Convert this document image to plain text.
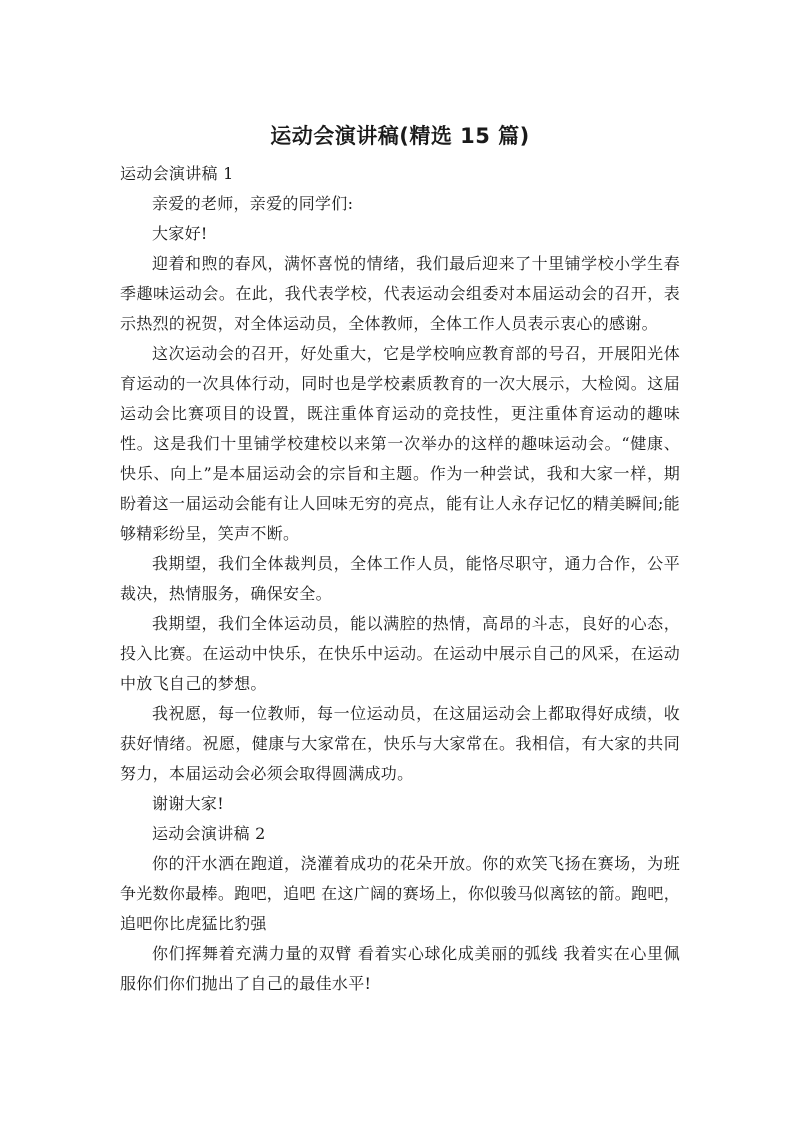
运动会演讲稿(精选 15 篇)

运动会演讲稿 1

亲爱的老师，亲爱的同学们:

大家好!

迎着和煦的春风，满怀喜悦的情绪，我们最后迎来了十里铺学校小学生春季趣味运动会。在此，我代表学校，代表运动会组委对本届运动会的召开，表示热烈的祝贺，对全体运动员，全体教师，全体工作人员表示衷心的感谢。

这次运动会的召开，好处重大，它是学校响应教育部的号召，开展阳光体育运动的一次具体行动，同时也是学校素质教育的一次大展示，大检阅。这届运动会比赛项目的设置，既注重体育运动的竞技性，更注重体育运动的趣味性。这是我们十里铺学校建校以来第一次举办的这样的趣味运动会。“健康、快乐、向上”是本届运动会的宗旨和主题。作为一种尝试，我和大家一样，期盼着这一届运动会能有让人回味无穷的亮点，能有让人永存记忆的精美瞬间;能够精彩纷呈，笑声不断。

我期望，我们全体裁判员，全体工作人员，能恪尽职守，通力合作，公平裁决，热情服务，确保安全。

我期望，我们全体运动员，能以满腔的热情，高昂的斗志，良好的心态，投入比赛。在运动中快乐，在快乐中运动。在运动中展示自己的风采，在运动中放飞自己的梦想。

我祝愿，每一位教师，每一位运动员，在这届运动会上都取得好成绩，收获好情绪。祝愿，健康与大家常在，快乐与大家常在。我相信，有大家的共同努力，本届运动会必须会取得圆满成功。

谢谢大家!

运动会演讲稿 2

你的汗水洒在跑道，浇灌着成功的花朵开放。你的欢笑飞扬在赛场，为班争光数你最棒。跑吧，追吧 在这广阔的赛场上，你似骏马似离铉的箭。跑吧，追吧你比虎猛比豹强

你们挥舞着充满力量的双臂 看着实心球化成美丽的弧线 我着实在心里佩服你们你们抛出了自己的最佳水平!
